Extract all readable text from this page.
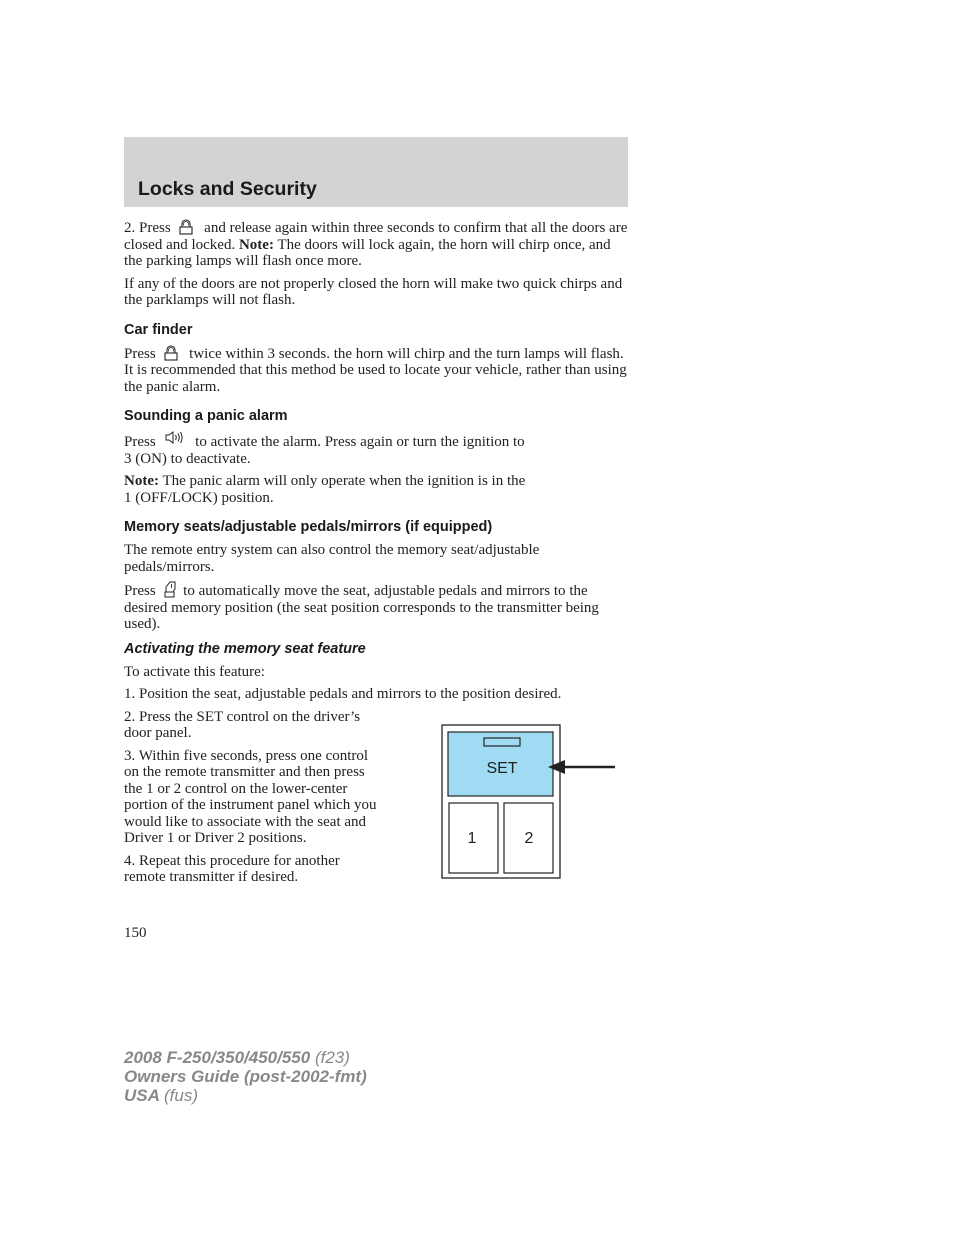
Locks and Security

2. Press and release again within three seconds to confirm that all the doors are closed and locked. Note: The doors will lock again, the horn will chirp once, and the parking lamps will flash once more.

If any of the doors are not properly closed the horn will make two quick chirps and the parklamps will not flash.

Car finder

Press twice within 3 seconds. the horn will chirp and the turn lamps will flash. It is recommended that this method be used to locate your vehicle, rather than using the panic alarm.

Sounding a panic alarm

Press	to activate the alarm. Press again or turn the ignition to
3 (ON) to deactivate.

Note: The panic alarm will only operate when the ignition is in the
1 (OFF/LOCK) position.

Memory seats/adjustable pedals/mirrors (if equipped)

The remote entry system can also control the memory seat/adjustable pedals/mirrors.

Press to automatically move the seat, adjustable pedals and mirrors to the desired memory position (the seat position corresponds to the transmitter being used).

Activating the memory seat feature

To activate this feature:

1. Position the seat, adjustable pedals and mirrors to the position desired.

2. Press the SET control on the driver’s door panel.

3. Within five seconds, press one control on the remote transmitter and then press the 1 or 2 control on the lower-center portion of the instrument panel which you would like to associate with the seat and Driver 1 or Driver 2 positions.

4. Repeat this procedure for another remote transmitter if desired.

SET
1	2
150
2008 F-250/350/450/550 (f23)
Owners Guide (post-2002-fmt)
USA (fus)
